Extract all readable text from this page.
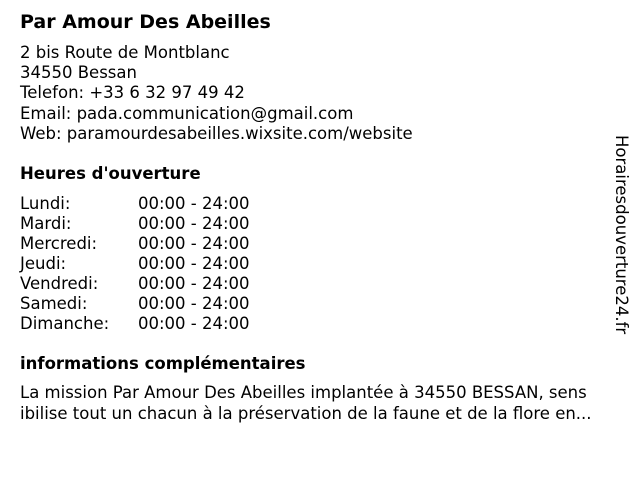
Par Amour Des Abeilles
2 bis Route de Montblanc
34550 Bessan
Telefon: +33 6 32 97 49 42
Email: pada.communication@gmail.com
Web: paramourdesabeilles.wixsite.com/website
Heures d'ouverture
Lundi:	00:00 - 24:00
Mardi:	00:00 - 24:00
Mercredi: 00:00 - 24:00
Jeudi:	00:00 - 24:00
Vendredi: 00:00 - 24:00
Samedi:	00:00 - 24:00
Dimanche: 00:00 - 24:00
informations complémentaires
La mission Par Amour Des Abeilles implantée à 34550 BESSAN, sens
ibilise tout un chacun à la préservation de la faune et de la flore en...
Horairesdouverture24.fr
